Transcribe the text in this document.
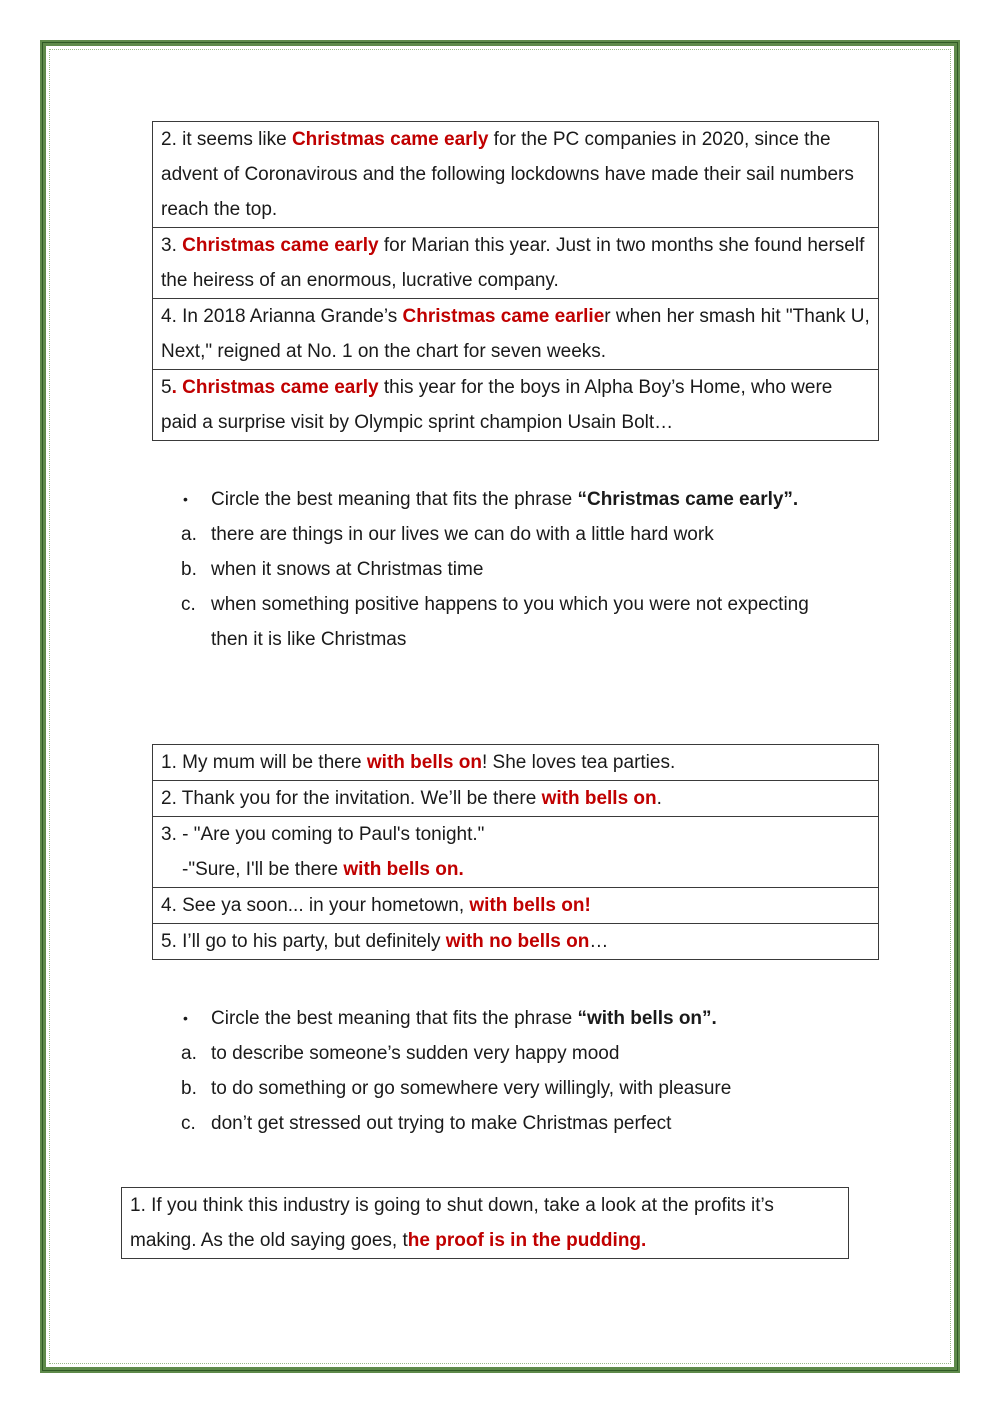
2. it seems like Christmas came early for the PC companies in 2020, since the advent of Coronavirous and the following lockdowns have made their sail numbers reach the top.
3. Christmas came early for Marian this year. Just in two months she found herself the heiress of an enormous, lucrative company.
4. In 2018 Arianna Grande’s Christmas came earlier when her smash hit "Thank U, Next," reigned at No. 1 on the chart for seven weeks.
5. Christmas came early this year for the boys in Alpha Boy’s Home, who were paid a surprise visit by Olympic sprint champion Usain Bolt…
•	Circle the best meaning that fits the phrase “Christmas came early”.
a. there are things in our lives we can do with a little hard work
b. when it snows at Christmas time
c. when something positive happens to you which you were not expecting
then it is like Christmas
1. My mum will be there with bells on! She loves tea parties.
2. Thank you for the invitation. We’ll be there with bells on.
3. - "Are you coming to Paul's tonight."
-"Sure, I'll be there with bells on.
4. See ya soon... in your hometown, with bells on!
5. I’ll go to his party, but definitely with no bells on…
•	Circle the best meaning that fits the phrase “with bells on”.
a. to describe someone’s sudden very happy mood
b. to do something or go somewhere very willingly, with pleasure
c. don’t get stressed out trying to make Christmas perfect
1. If you think this industry is going to shut down, take a look at the profits it’s making. As the old saying goes, the proof is in the pudding.
